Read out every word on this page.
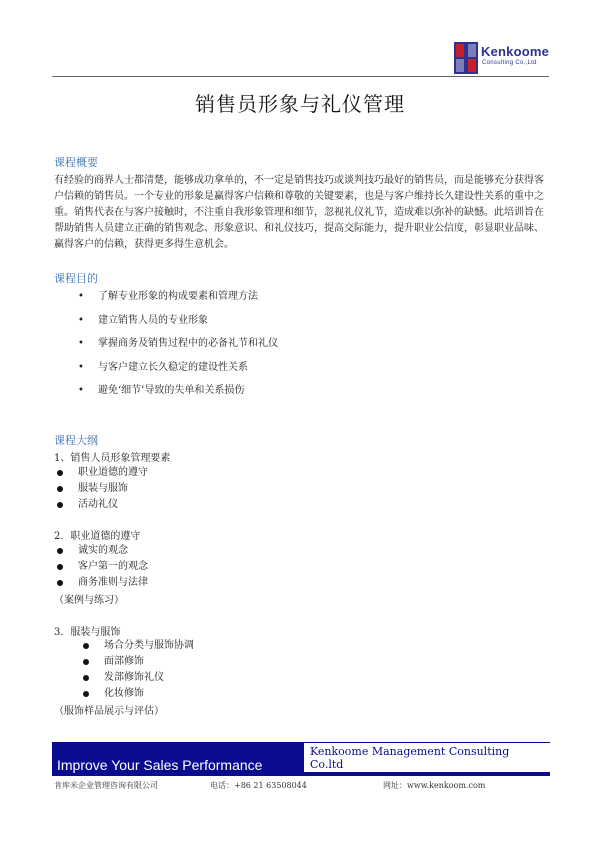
Kenkoome
Consulting Co.,Ltd
销售员形象与礼仪管理
课程概要

有经验的商界人士都清楚，能够成功拿单的，不一定是销售技巧或谈判技巧最好的销售员，而是能够充分获得客户信赖的销售员。一个专业的形象是赢得客户信赖和尊敬的关键要素，也是与客户维持长久建设性关系的重中之重。销售代表在与客户接触时，不注重自我形象管理和细节，忽视礼仪礼节，造成难以弥补的缺憾。此培训旨在帮助销售人员建立正确的销售观念、形象意识、和礼仪技巧，提高交际能力，提升职业公信度，彰显职业品味、赢得客户的信赖，获得更多得生意机会。

课程目的
• 了解专业形象的构成要素和管理方法
• 建立销售人员的专业形象
• 掌握商务及销售过程中的必备礼节和礼仪
• 与客户建立长久稳定的建设性关系
• 避免‘细节’导致的失单和关系损伤
课程大纲
1、销售人员形象管理要素
职业道德的遵守
服装与服饰
活动礼仪
2．职业道德的遵守
诚实的观念
客户第一的观念
商务准则与法律
（案例与练习）
3．服装与服饰
场合分类与服饰协调
面部修饰
发部修饰礼仪
化妆修饰
（服饰样品展示与评估）
Kenkoome Management Consulting Co.ltd
Improve Your Sales Performance
肯库米企业管理咨询有限公司	电话：+86 21 63508044	网址：www.kenkoom.com
